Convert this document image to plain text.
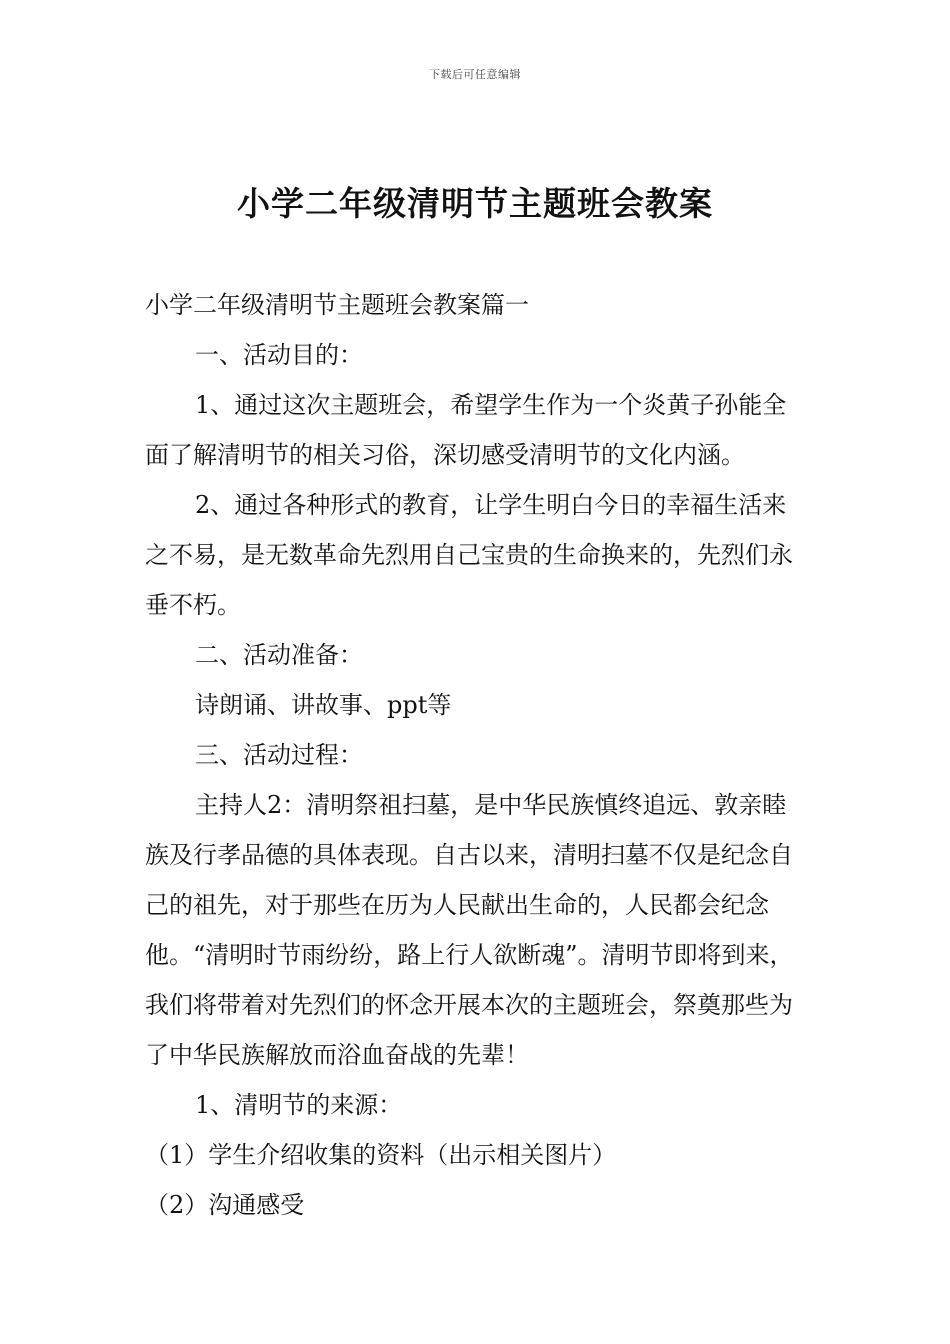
下载后可任意编辑
小学二年级清明节主题班会教案

小学二年级清明节主题班会教案篇一

一、活动目的：

1、通过这次主题班会，希望学生作为一个炎黄子孙能全面了解清明节的相关习俗，深切感受清明节的文化内涵。

2、通过各种形式的教育，让学生明白今日的幸福生活来之不易，是无数革命先烈用自己宝贵的生命换来的，先烈们永垂不朽。

二、活动准备：

诗朗诵、讲故事、ppt等

三、活动过程：

主持人2：清明祭祖扫墓，是中华民族慎终追远、敦亲睦族及行孝品德的具体表现。自古以来，清明扫墓不仅是纪念自己的祖先，对于那些在历为人民献出生命的，人民都会纪念他。“清明时节雨纷纷，路上行人欲断魂”。清明节即将到来，我们将带着对先烈们的怀念开展本次的主题班会，祭奠那些为了中华民族解放而浴血奋战的先辈！

1、清明节的来源：

（1）学生介绍收集的资料（出示相关图片）

（2）沟通感受
